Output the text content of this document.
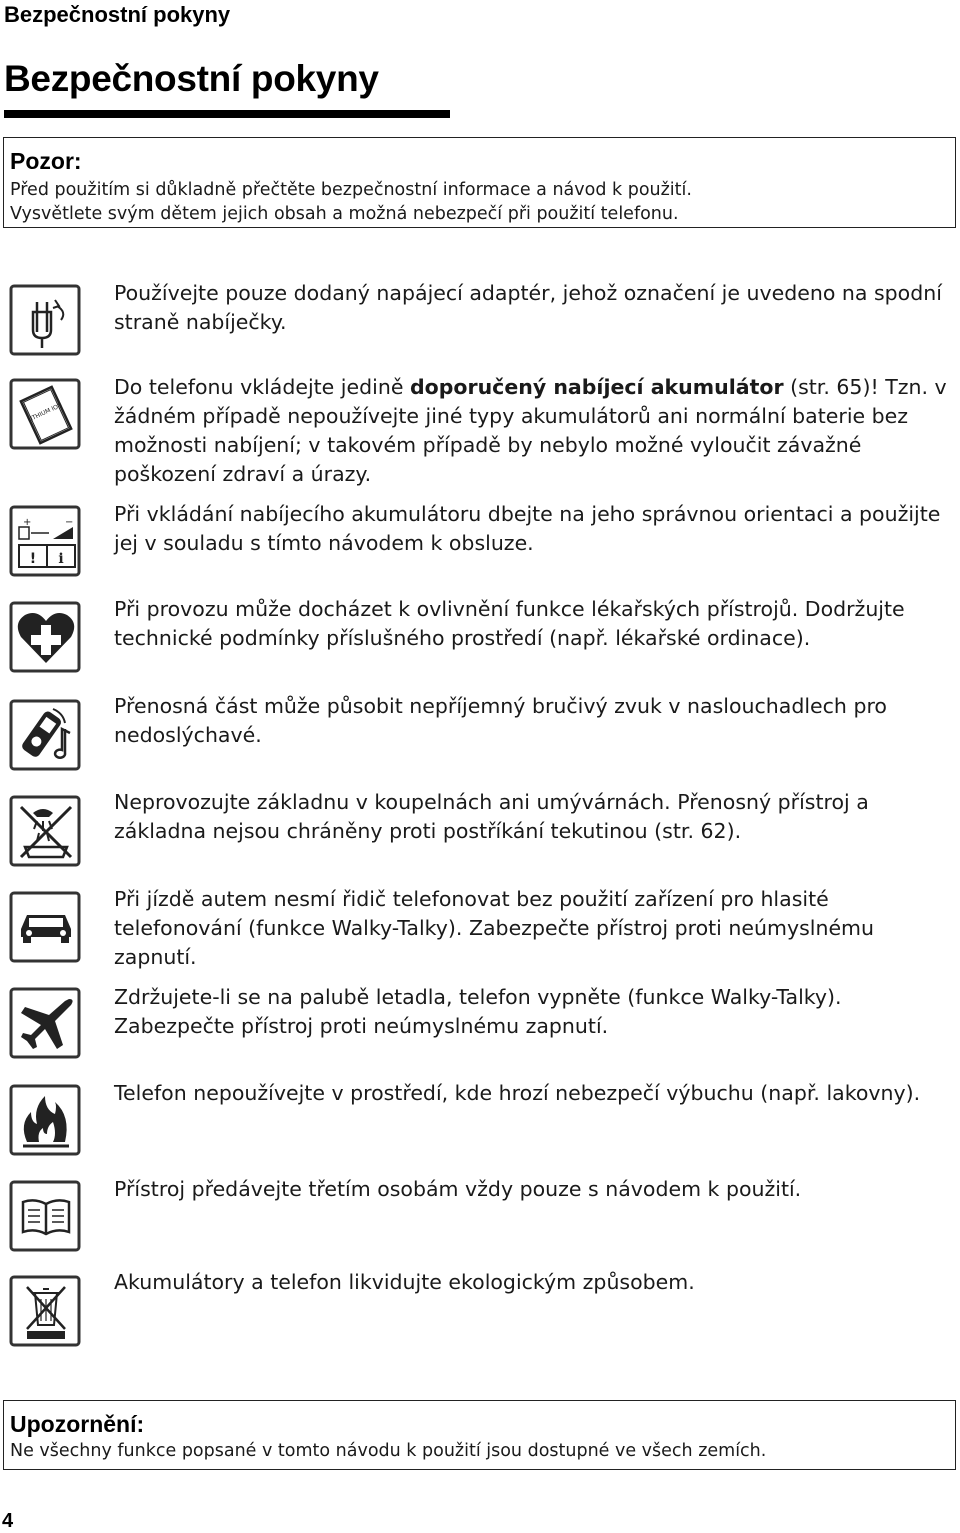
Bezpečnostní pokyny
Bezpečnostní pokyny
Pozor:
Před použitím si důkladně přečtěte bezpečnostní informace a návod k použití.
Vysvětlete svým dětem jejich obsah a možná nebezpečí při použití telefonu.
LITHIUM ION
+	−
! i
Používejte pouze dodaný napájecí adaptér, jehož označení je uvedeno na spodní straně nabíječky.
Do telefonu vkládejte jedině doporučený nabíjecí akumulátor (str. 65)! Tzn. v žádném případě nepoužívejte jiné typy akumulátorů ani normální baterie bez možnosti nabíjení; v takovém případě by nebylo možné vyloučit závažné poškození zdraví a úrazy.
Při vkládání nabíjecího akumulátoru dbejte na jeho správnou orientaci a použijte jej v souladu s tímto návodem k obsluze.
Při provozu může docházet k ovlivnění funkce lékařských přístrojů. Dodržujte technické podmínky příslušného prostředí (např. lékařské ordinace).
Přenosná část může působit nepříjemný bručivý zvuk v naslouchadlech pro nedoslýchavé.
Neprovozujte základnu v koupelnách ani umývárnách. Přenosný přístroj a základna nejsou chráněny proti postříkání tekutinou (str. 62).
Při jízdě autem nesmí řidič telefonovat bez použití zařízení pro hlasité telefonování (funkce Walky-Talky). Zabezpečte přístroj proti neúmyslnému zapnutí.
Zdržujete-li se na palubě letadla, telefon vypněte (funkce Walky-Talky). Zabezpečte přístroj proti neúmyslnému zapnutí.
Telefon nepoužívejte v prostředí, kde hrozí nebezpečí výbuchu (např. lakovny).
Přístroj předávejte třetím osobám vždy pouze s návodem k použití.
Akumulátory a telefon likvidujte ekologickým způsobem.
Upozornění:
Ne všechny funkce popsané v tomto návodu k použití jsou dostupné ve všech zemích.
4
